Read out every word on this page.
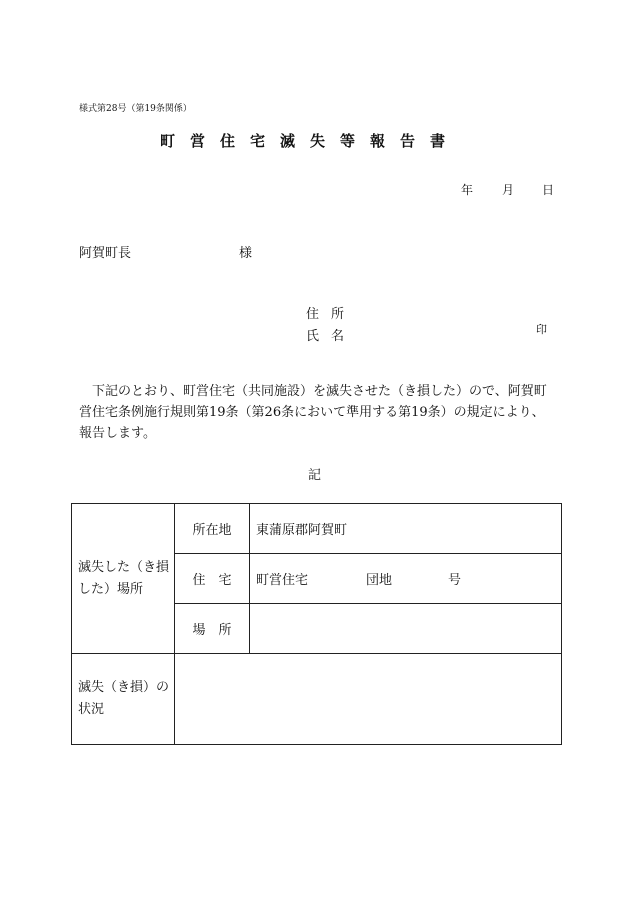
様式第28号（第19条関係）
町営住宅滅失等報告書
年 月 日
阿賀町長	様
住所
氏名	印
下記のとおり、町営住宅（共同施設）を滅失させた（き損した）ので、阿賀町営住宅条例施行規則第19条（第26条において準用する第19条）の規定により、報告します。
記
滅失した（き損した）場所	所在地	東蒲原郡阿賀町
	住宅	町営住宅 団地 号
	場所	
滅失（き損）の状況		
